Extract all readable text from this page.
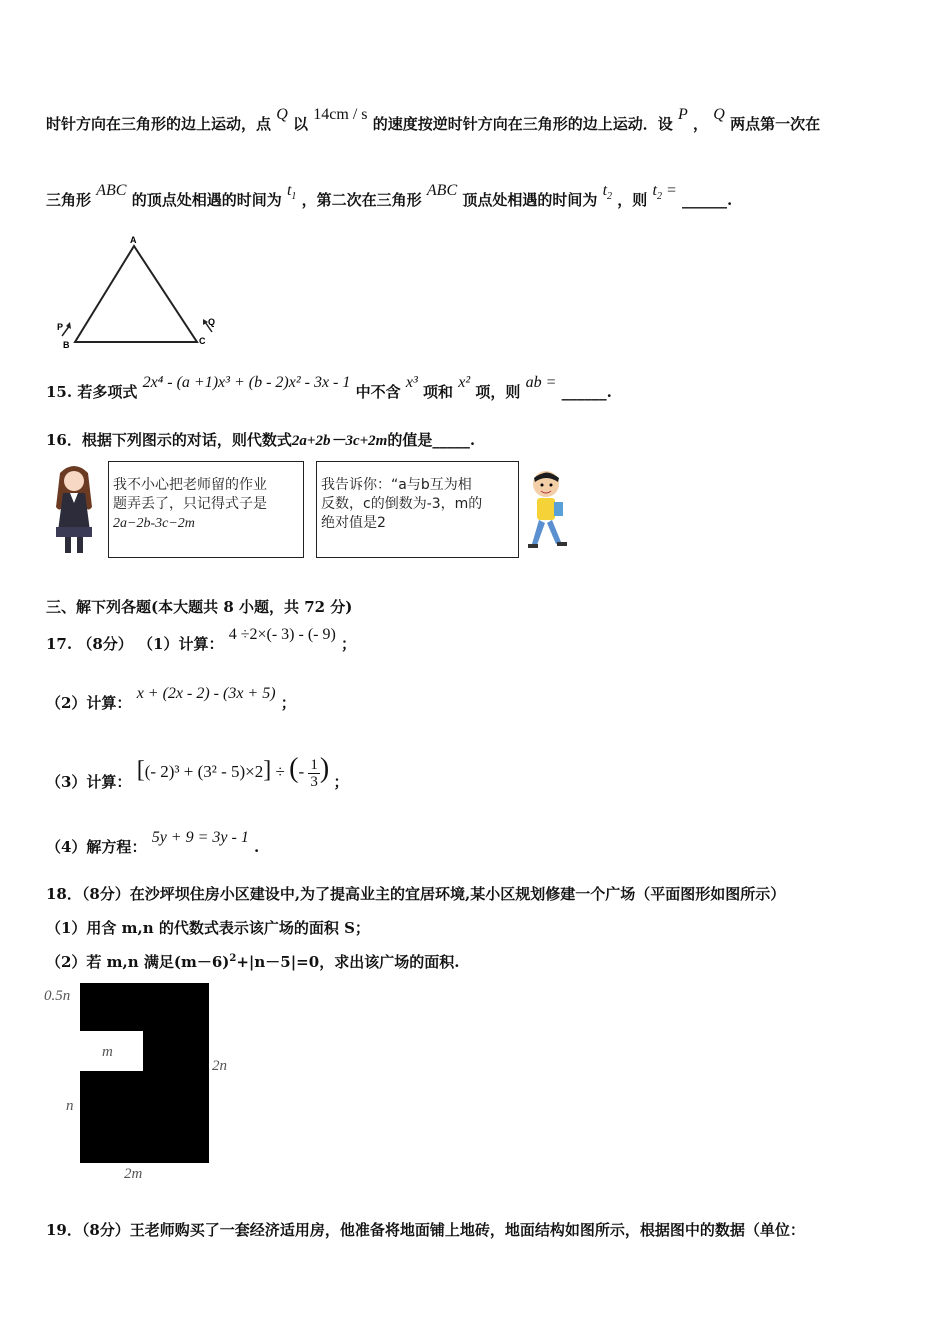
时针方向在三角形的边上运动，点 Q 以 14cm / s 的速度按逆时针方向在三角形的边上运动．设 P ， Q 两点第一次在
三角形 ABC 的顶点处相遇的时间为 $t_1$ ，第二次在三角形 ABC 顶点处相遇的时间为 $t_2$ ，则 $t_2$ = ______.
A
B	C
P	Q
15. 若多项式 2x⁴ - (a +1)x³ + (b - 2)x² - 3x - 1 中不含 x³ 项和 x² 项，则 ab = ______.
16．根据下列图示的对话，则代数式2a+2b－3c+2m的值是_____.
我不小心把老师留的作业
题弄丢了，只记得式子是
2a−2b-3c−2m
我告诉你：“a与b互为相
反数，c的倒数为-3，m的
绝对值是2
三、解下列各题(本大题共 8 小题，共 72 分)
17. （8分） （1）计算： 4 ÷2×(- 3) - (- 9) ；
（2）计算： x + (2x - 2) - (3x + 5) ；
（3）计算： [(- 2)³ + (3² - 5)×2] ÷ (- $\frac{1}{3}$ ) ；
（4）解方程： 5y + 9 = 3y - 1 .
18．（8分）在沙坪坝住房小区建设中,为了提高业主的宜居环境,某小区规划修建一个广场（平面图形如图所示）
（1）用含 m,n 的代数式表示该广场的面积 S；
（2）若 m,n 满足$(m-6)^2+|n-5|=0$，求出该广场的面积.
0.5n
m
2n
n
2m
19．（8分）王老师购买了一套经济适用房，他准备将地面铺上地砖，地面结构如图所示，根据图中的数据（单位：
